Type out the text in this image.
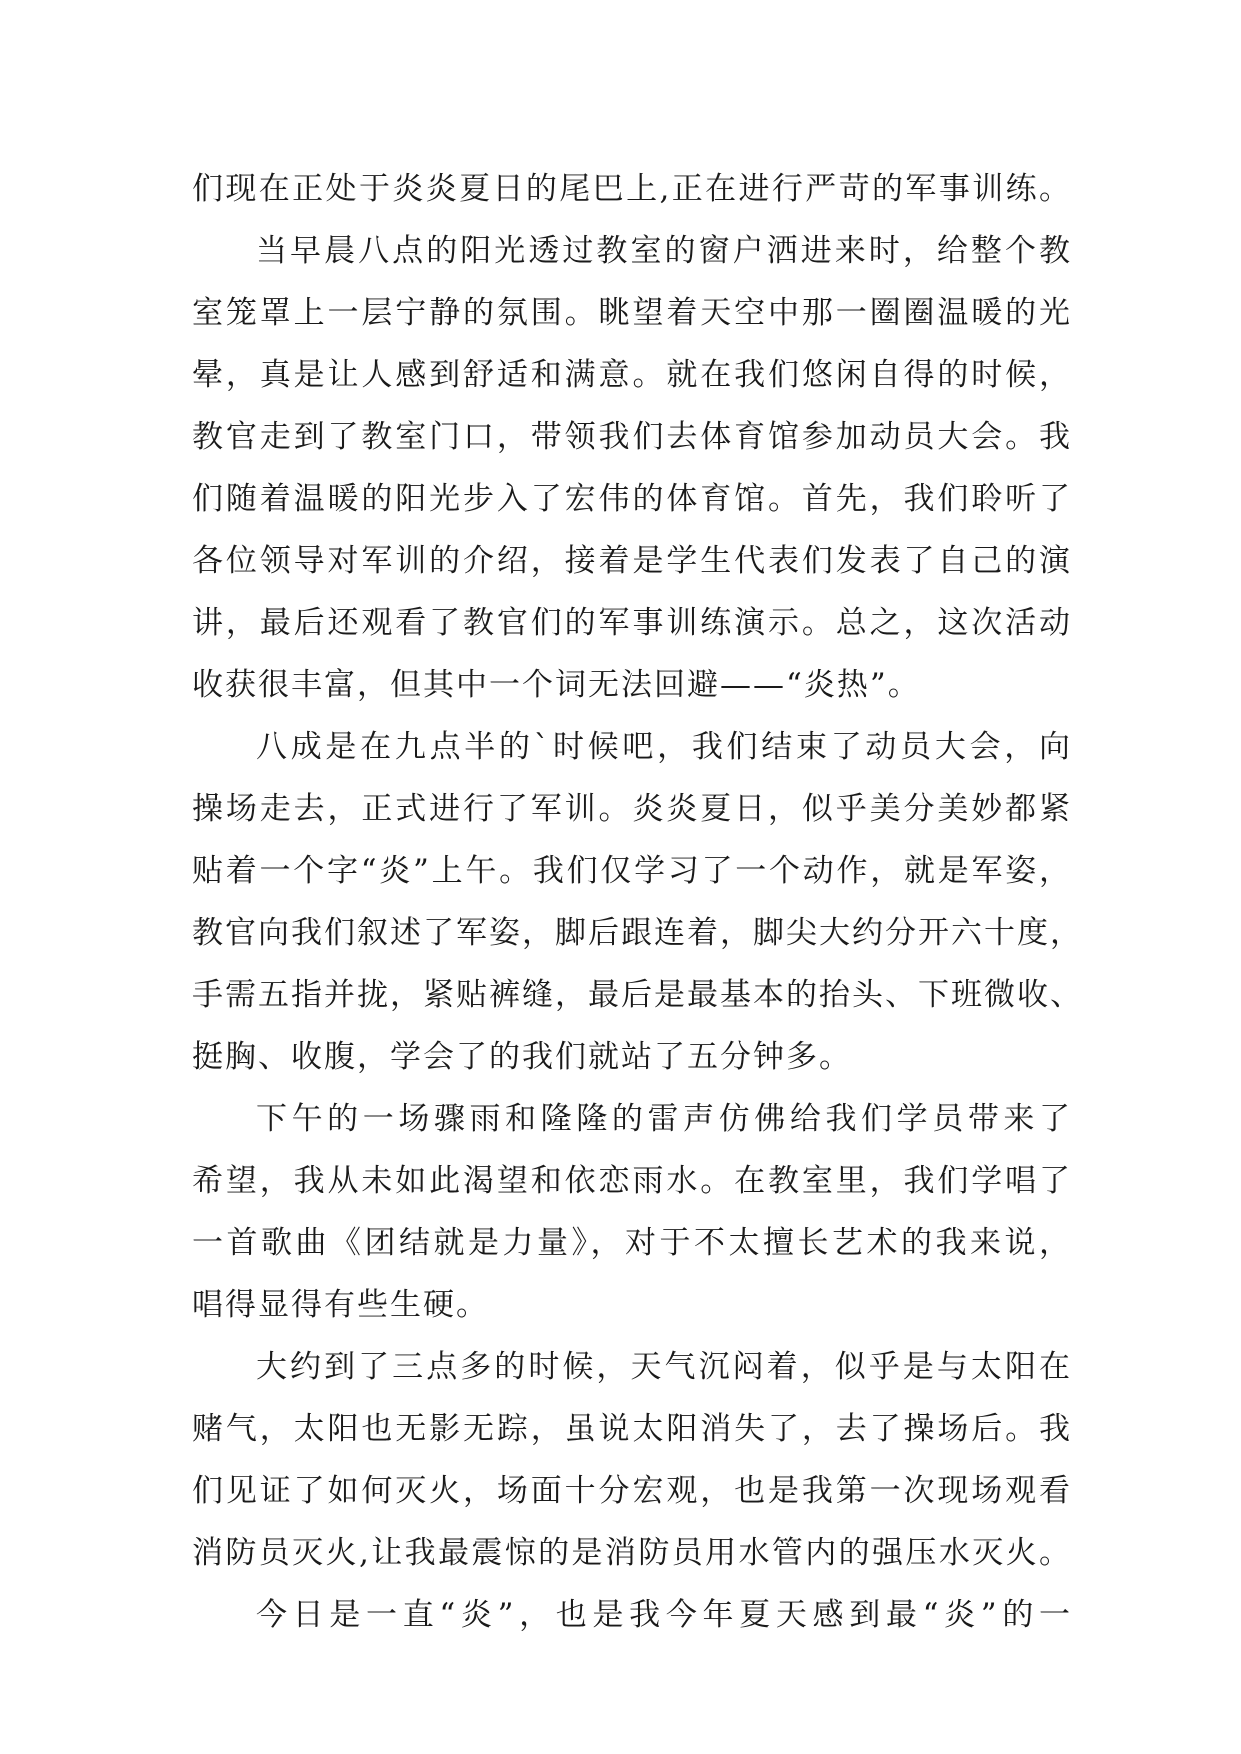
们现在正处于炎炎夏日的尾巴上,正在进行严苛的军事训练。
当早晨八点的阳光透过教室的窗户洒进来时，给整个教
室笼罩上一层宁静的氛围。眺望着天空中那一圈圈温暖的光
晕，真是让人感到舒适和满意。就在我们悠闲自得的时候，
教官走到了教室门口，带领我们去体育馆参加动员大会。我
们随着温暖的阳光步入了宏伟的体育馆。首先，我们聆听了
各位领导对军训的介绍，接着是学生代表们发表了自己的演
讲，最后还观看了教官们的军事训练演示。总之，这次活动
收获很丰富，但其中一个词无法回避——“炎热”。
八成是在九点半的`时候吧，我们结束了动员大会，向
操场走去，正式进行了军训。炎炎夏日，似乎美分美妙都紧
贴着一个字“炎”上午。我们仅学习了一个动作，就是军姿，
教官向我们叙述了军姿，脚后跟连着，脚尖大约分开六十度，
手需五指并拢，紧贴裤缝，最后是最基本的抬头、下班微收、
挺胸、收腹，学会了的我们就站了五分钟多。
下午的一场骤雨和隆隆的雷声仿佛给我们学员带来了
希望，我从未如此渴望和依恋雨水。在教室里，我们学唱了
一首歌曲《团结就是力量》，对于不太擅长艺术的我来说，
唱得显得有些生硬。
大约到了三点多的时候，天气沉闷着，似乎是与太阳在
赌气，太阳也无影无踪，虽说太阳消失了，去了操场后。我
们见证了如何灭火，场面十分宏观，也是我第一次现场观看
消防员灭火,让我最震惊的是消防员用水管内的强压水灭火。
今日是一直“炎”，也是我今年夏天感到最“炎”的一
